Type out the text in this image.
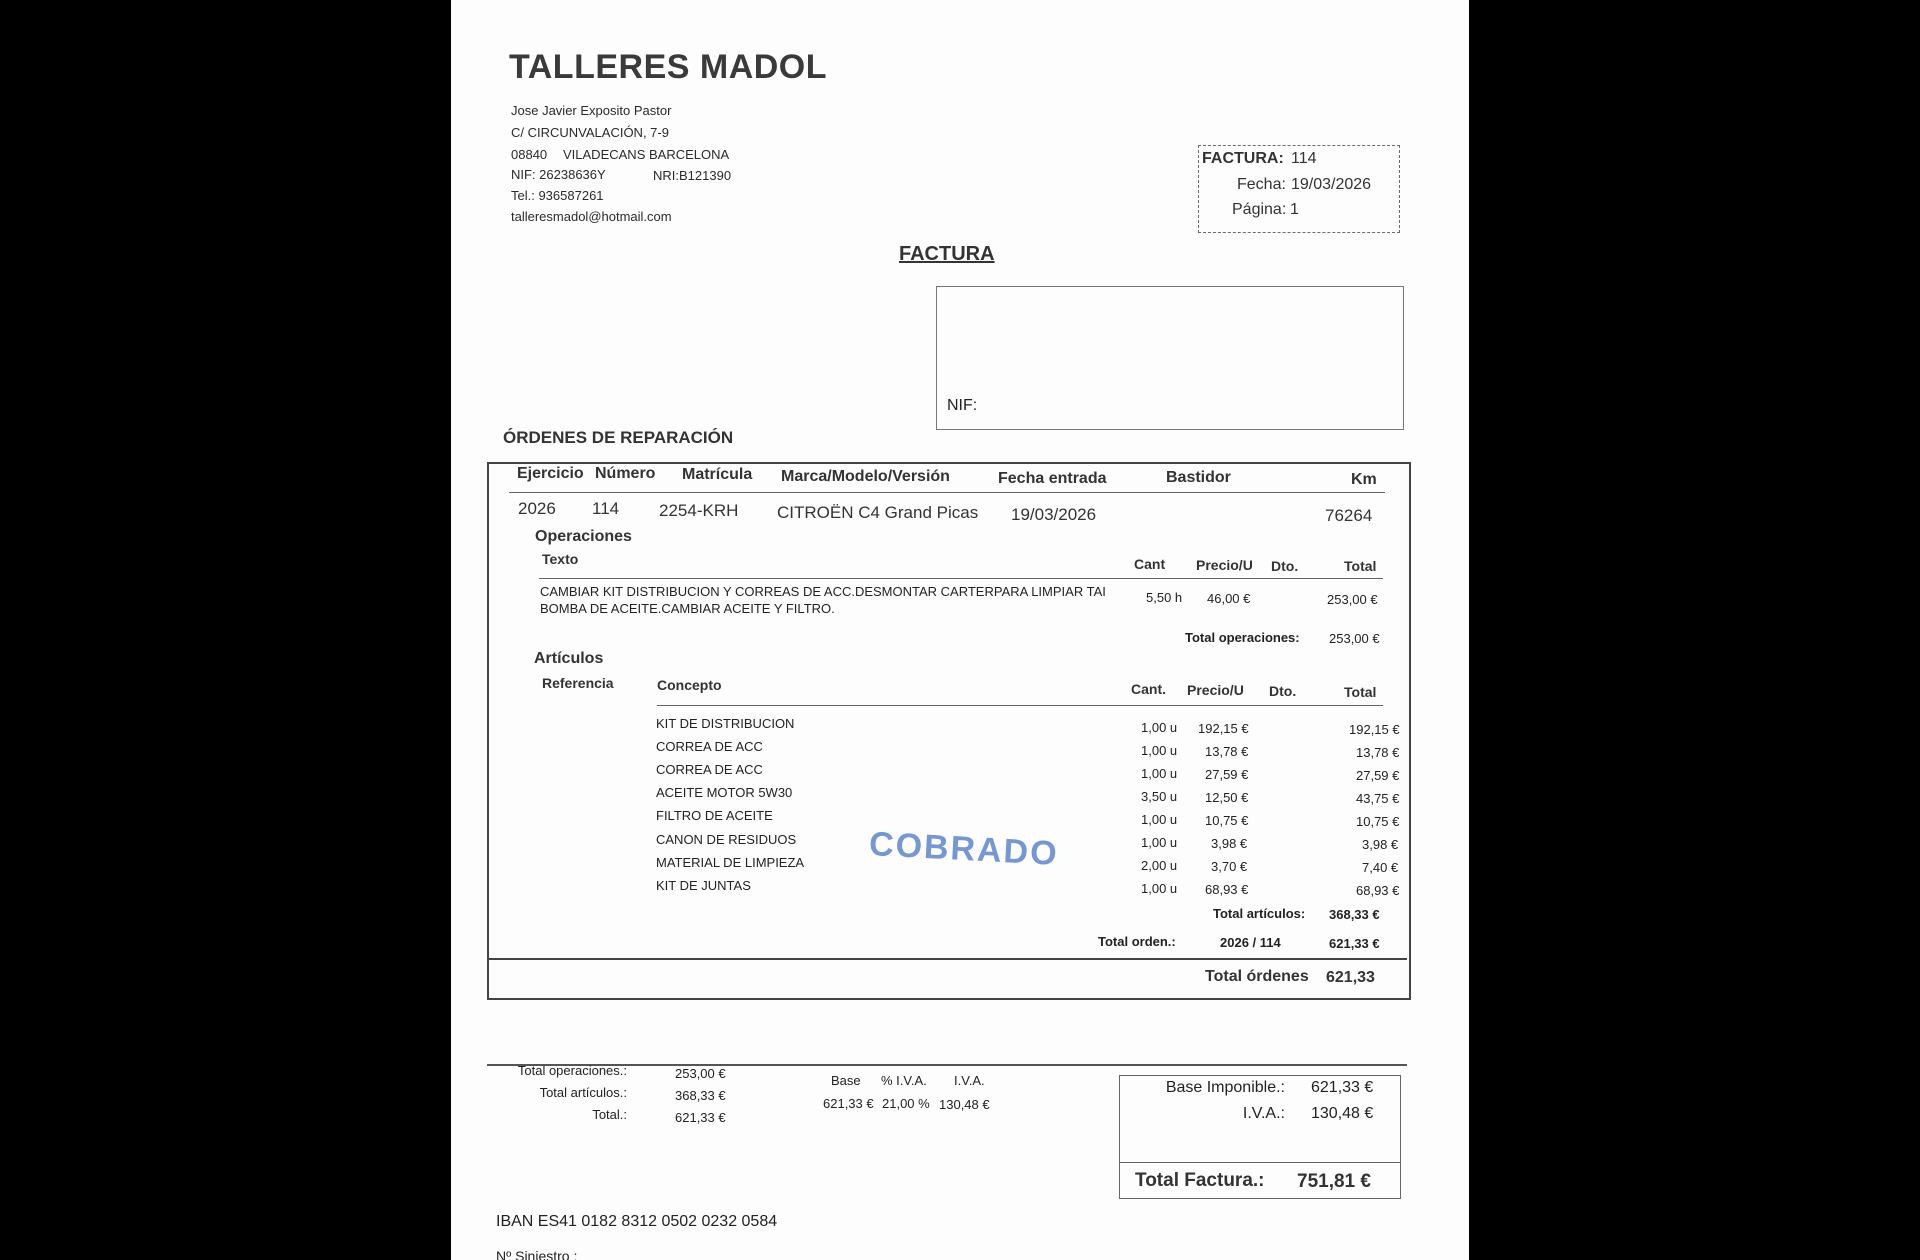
TALLERES MADOL
Jose Javier Exposito Pastor
C/ CIRCUNVALACIÓN, 7-9
08840 VILADECANS BARCELONA
NIF: 26238636Y	NRI:B121390
Tel.: 936587261
talleresmadol@hotmail.com
FACTURA: 114
Fecha: 19/03/2026
Página: 1
FACTURA
NIF:
ÓRDENES DE REPARACIÓN
Ejercicio Número Matrícula Marca/Modelo/Versión	Fecha entrada	Bastidor	Km
2026 114 2254-KRH CITROËN C4 Grand Picas 19/03/2026	76264
Operaciones
Texto	Cant Precio/U Dto.	Total
CAMBIAR KIT DISTRIBUCION Y CORREAS DE ACC.DESMONTAR CARTERPARA LIMPIAR TAI
BOMBA DE ACEITE.CAMBIAR ACEITE Y FILTRO.
5,50 h 46,00 €	253,00 €
Total operaciones: 253,00 €
Artículos
Referencia	Concepto	Cant. Precio/U Dto.	Total
KIT DE DISTRIBUCION	1,00 u 192,15 €	192,15 €
CORREA DE ACC	1,00 u 13,78 €	13,78 €
CORREA DE ACC	1,00 u 27,59 €	27,59 €
ACEITE MOTOR 5W30	3,50 u 12,50 €	43,75 €
FILTRO DE ACEITE	1,00 u 10,75 €	10,75 €
CANON DE RESIDUOS	1,00 u	3,98 €	3,98 €
MATERIAL DE LIMPIEZA	2,00 u	3,70 €	7,40 €
KIT DE JUNTAS	1,00 u 68,93 €	68,93 €
COBRADO
Total artículos: 368,33 €
Total orden.:	2026 / 114	621,33 €
Total órdenes 621,33
Total operaciones.:	253,00 €
Total artículos.:	368,33 €
Total.:	621,33 €
Base % I.V.A. I.V.A.
621,33 € 21,00 % 130,48 €
Base Imponible.: 621,33 €
I.V.A.: 130,48 €
Total Factura.: 751,81 €
IBAN ES41 0182 8312 0502 0232 0584
Nº Siniestro :
